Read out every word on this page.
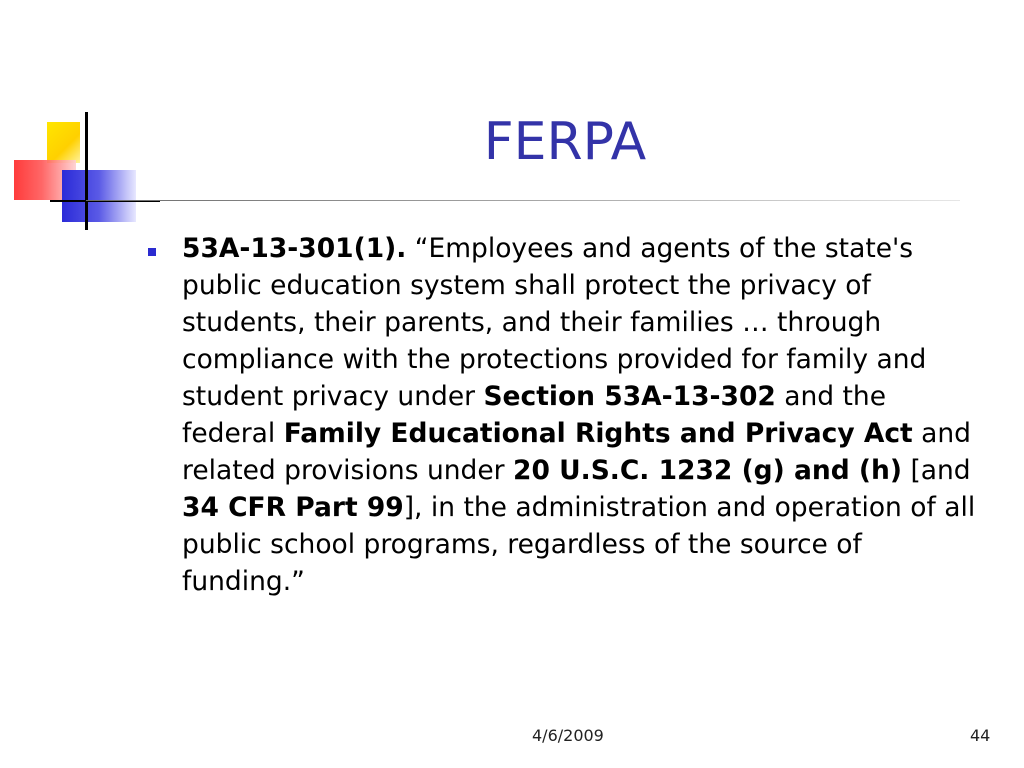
FERPA
53A-13-301(1). “Employees and agents of the state's public education system shall protect the privacy of students, their parents, and their families … through compliance with the protections provided for family and student privacy under Section 53A-13-302 and the federal Family Educational Rights and Privacy Act and related provisions under 20 U.S.C. 1232 (g) and (h) [and 34 CFR Part 99], in the administration and operation of all public school programs, regardless of the source of funding.”
4/6/2009	44
